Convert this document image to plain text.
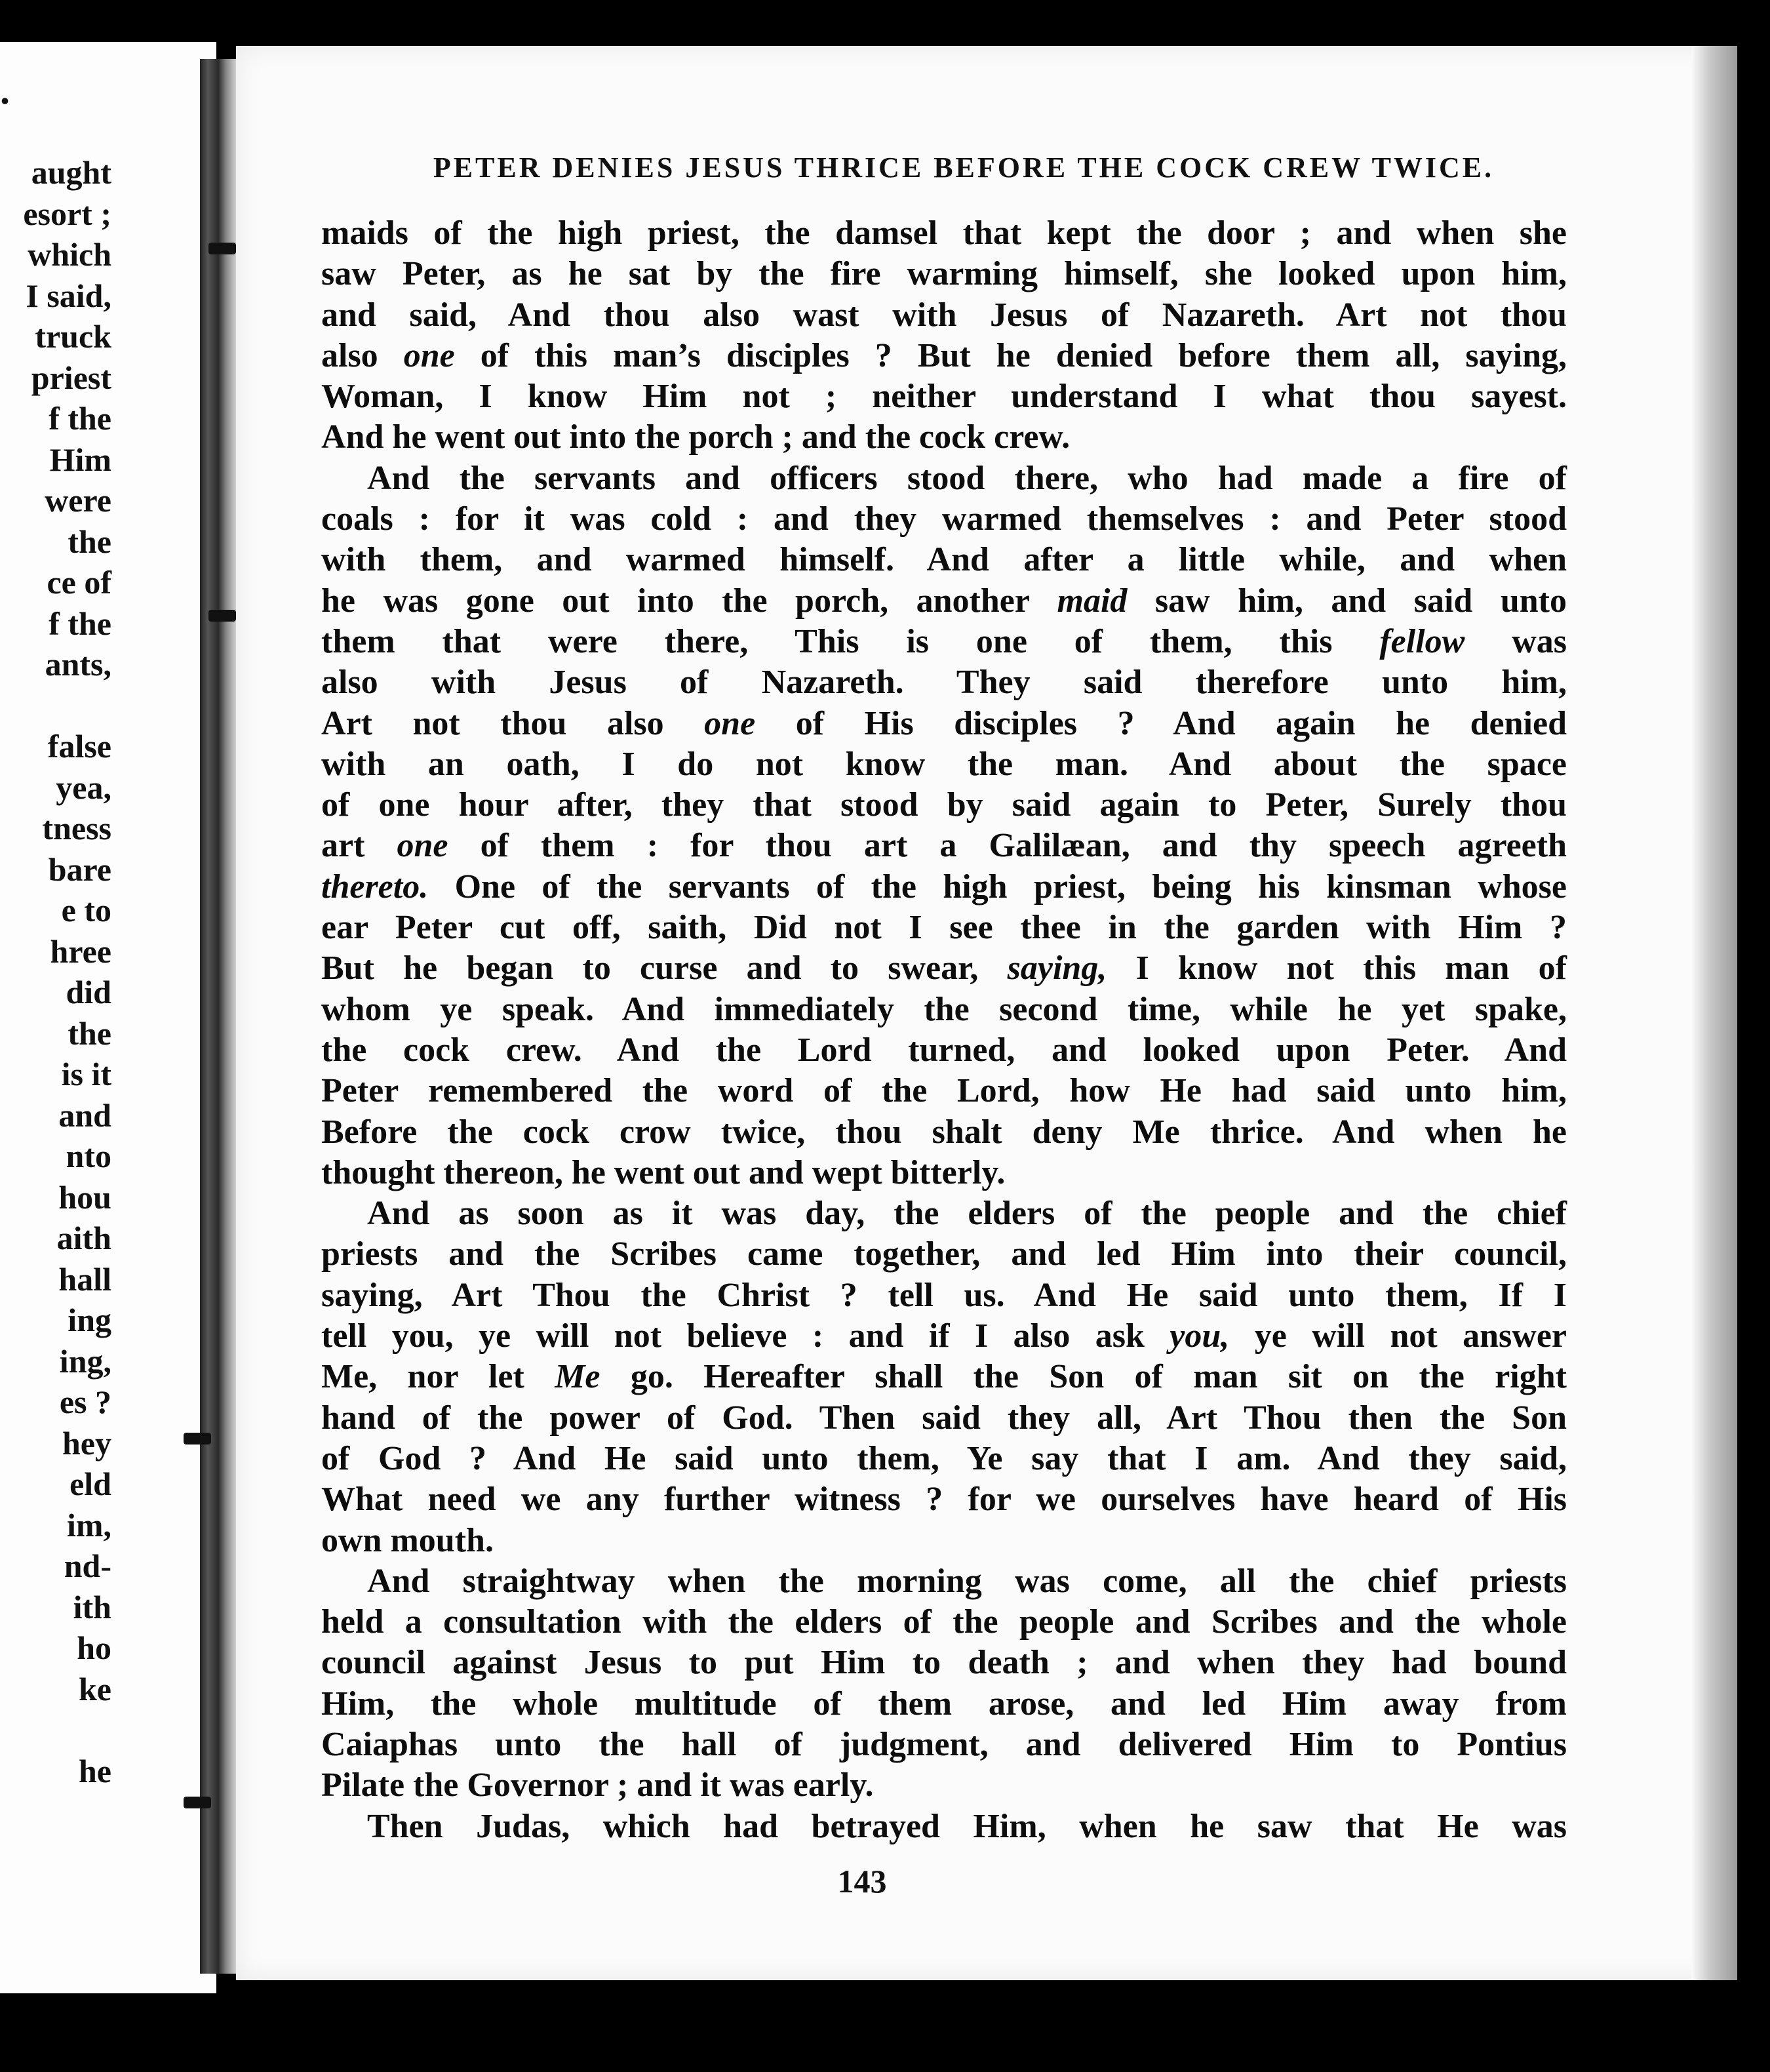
.
aught
esort ;
which
I said,
truck
priest
f the
Him
were
the
ce of
f the
ants,

false
yea,
tness
bare
e to
hree
did
the
is it
and
nto
hou
aith
hall
ing
ing,
es ?
hey
eld
im,
nd-
ith
ho
ke

he
PETER DENIES JESUS THRICE BEFORE THE COCK CREW TWICE.
maids of the high priest, the damsel that kept the door ; and when she
saw Peter, as he sat by the fire warming himself, she looked upon him,
and said, And thou also wast with Jesus of Nazareth. Art not thou
also one of this man’s disciples ? But he denied before them all, saying,
Woman, I know Him not ; neither understand I what thou sayest.
And he went out into the porch ; and the cock crew.
And the servants and officers stood there, who had made a fire of
coals : for it was cold : and they warmed themselves : and Peter stood
with them, and warmed himself. And after a little while, and when
he was gone out into the porch, another maid saw him, and said unto
them that were there, This is one of them, this fellow was
also with Jesus of Nazareth. They said therefore unto him,
Art not thou also one of His disciples ? And again he denied
with an oath, I do not know the man. And about the space
of one hour after, they that stood by said again to Peter, Surely thou
art one of them : for thou art a Galilæan, and thy speech agreeth
thereto. One of the servants of the high priest, being his kinsman whose
ear Peter cut off, saith, Did not I see thee in the garden with Him ?
But he began to curse and to swear, saying, I know not this man of
whom ye speak. And immediately the second time, while he yet spake,
the cock crew. And the Lord turned, and looked upon Peter. And
Peter remembered the word of the Lord, how He had said unto him,
Before the cock crow twice, thou shalt deny Me thrice. And when he
thought thereon, he went out and wept bitterly.
And as soon as it was day, the elders of the people and the chief
priests and the Scribes came together, and led Him into their council,
saying, Art Thou the Christ ? tell us. And He said unto them, If I
tell you, ye will not believe : and if I also ask you, ye will not answer
Me, nor let Me go. Hereafter shall the Son of man sit on the right
hand of the power of God. Then said they all, Art Thou then the Son
of God ? And He said unto them, Ye say that I am. And they said,
What need we any further witness ? for we ourselves have heard of His
own mouth.
And straightway when the morning was come, all the chief priests
held a consultation with the elders of the people and Scribes and the whole
council against Jesus to put Him to death ; and when they had bound
Him, the whole multitude of them arose, and led Him away from
Caiaphas unto the hall of judgment, and delivered Him to Pontius
Pilate the Governor ; and it was early.
Then Judas, which had betrayed Him, when he saw that He was
143
